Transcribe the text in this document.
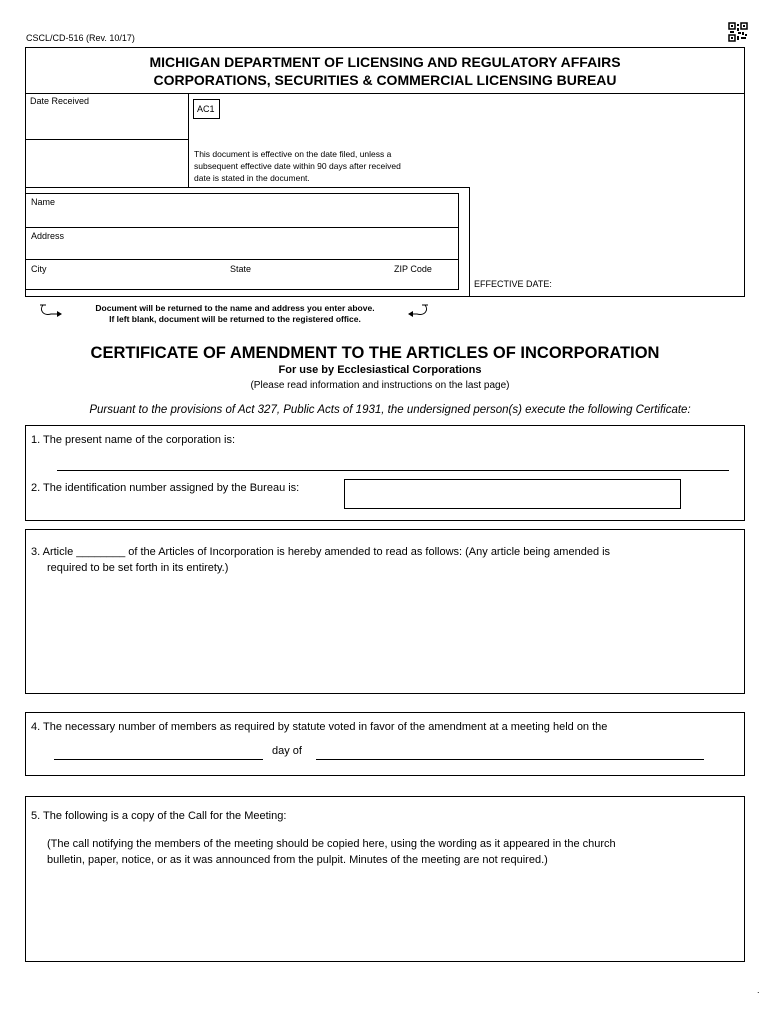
CSCL/CD-516 (Rev. 10/17)
MICHIGAN DEPARTMENT OF LICENSING AND REGULATORY AFFAIRS
CORPORATIONS, SECURITIES & COMMERCIAL LICENSING BUREAU
Date Received
AC1
This document is effective on the date filed, unless a
subsequent effective date within 90 days after received
date is stated in the document.
Name
Address
City	State	ZIP Code
EFFECTIVE DATE:
Document will be returned to the name and address you enter above.
If left blank, document will be returned to the registered office.
CERTIFICATE OF AMENDMENT TO THE ARTICLES OF INCORPORATION
For use by Ecclesiastical Corporations
(Please read information and instructions on the last page)
Pursuant to the provisions of Act 327, Public Acts of 1931, the undersigned person(s) execute the following Certificate:
1. The present name of the corporation is:
2. The identification number assigned by the Bureau is:
3. Article ________ of the Articles of Incorporation is hereby amended to read as follows: (Any article being amended is
required to be set forth in its entirety.)
4. The necessary number of members as required by statute voted in favor of the amendment at a meeting held on the
day of
5. The following is a copy of the Call for the Meeting:
(The call notifying the members of the meeting should be copied here, using the wording as it appeared in the church
bulletin, paper, notice, or as it was announced from the pulpit. Minutes of the meeting are not required.)
.
